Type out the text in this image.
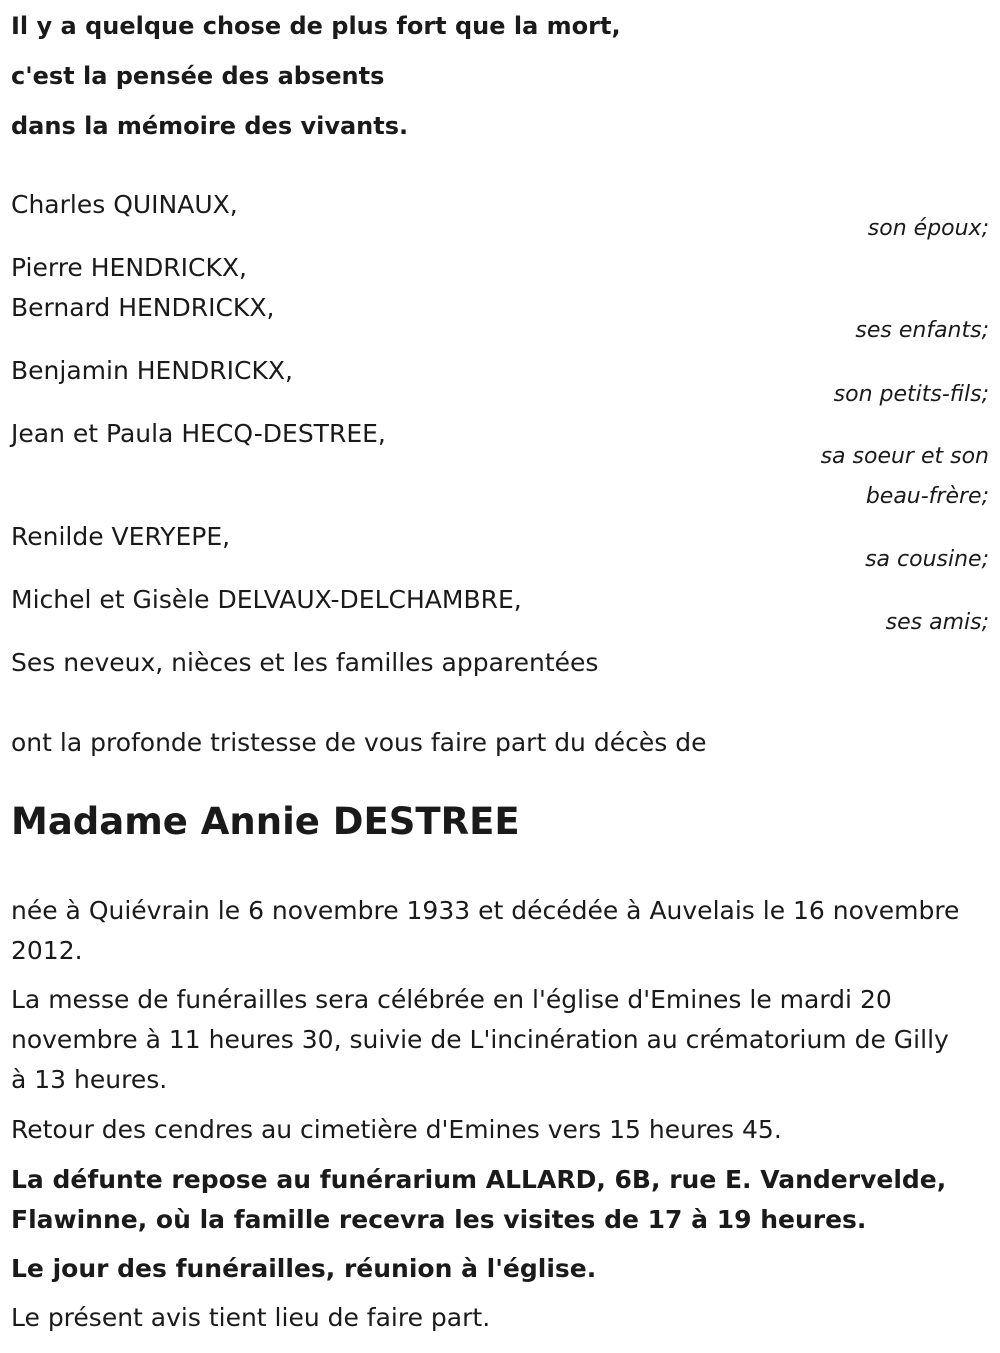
Il y a quelque chose de plus fort que la mort,
c'est la pensée des absents
dans la mémoire des vivants.
Charles QUINAUX,
son époux;
Pierre HENDRICKX,
Bernard HENDRICKX,
ses enfants;
Benjamin HENDRICKX,
son petits-fils;
Jean et Paula HECQ-DESTREE,
sa soeur et son
beau-frère;
Renilde VERYEPE,
sa cousine;
Michel et Gisèle DELVAUX-DELCHAMBRE,
ses amis;
Ses neveux, nièces et les familles apparentées
ont la profonde tristesse de vous faire part du décès de
Madame Annie DESTREE
née à Quiévrain le 6 novembre 1933 et décédée à Auvelais le 16 novembre 2012.
La messe de funérailles sera célébrée en l'église d'Emines le mardi 20 novembre à 11 heures 30, suivie de L'incinération au crématorium de Gilly à 13 heures.
Retour des cendres au cimetière d'Emines vers 15 heures 45.
La défunte repose au funérarium ALLARD, 6B, rue E. Vandervelde, Flawinne, où la famille recevra les visites de 17 à 19 heures.
Le jour des funérailles, réunion à l'église.
Le présent avis tient lieu de faire part.
